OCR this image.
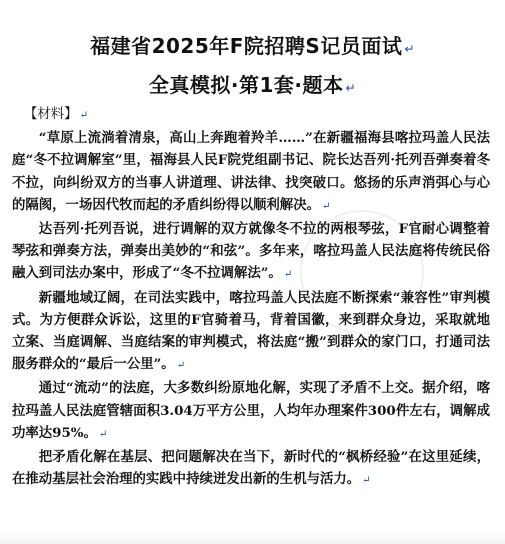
福建省2025年F院招聘S记员面试 ↵
全真模拟·第1套·题本 ↵

【材料】 ↵

“草原上流淌着清泉，高山上奔跑着羚羊……”在新疆福海县喀拉玛盖人民法庭“冬不拉调解室”里，福海县人民F院党组副书记、院长达吾列·托列吾弹奏着冬不拉，向纠纷双方的当事人讲道理、讲法律、找突破口。悠扬的乐声消弭心与心的隔阂，一场因代牧而起的矛盾纠纷得以顺利解决。 ↵

达吾列·托列吾说，进行调解的双方就像冬不拉的两根琴弦，F官耐心调整着琴弦和弹奏方法，弹奏出美妙的“和弦”。多年来，喀拉玛盖人民法庭将传统民俗融入到司法办案中，形成了“冬不拉调解法”。 ↵

新疆地域辽阔，在司法实践中，喀拉玛盖人民法庭不断探索“兼容性”审判模式。为方便群众诉讼，这里的F官骑着马，背着国徽，来到群众身边，采取就地立案、当庭调解、当庭结案的审判模式，将法庭“搬”到群众的家门口，打通司法服务群众的“最后一公里”。 ↵

通过“流动”的法庭，大多数纠纷原地化解，实现了矛盾不上交。据介绍，喀拉玛盖人民法庭管辖面积3.04万平方公里，人均年办理案件300件左右，调解成功率达95%。 ↵

把矛盾化解在基层、把问题解决在当下，新时代的“枫桥经验”在这里延续，在推动基层社会治理的实践中持续迸发出新的生机与活力。 ↵
